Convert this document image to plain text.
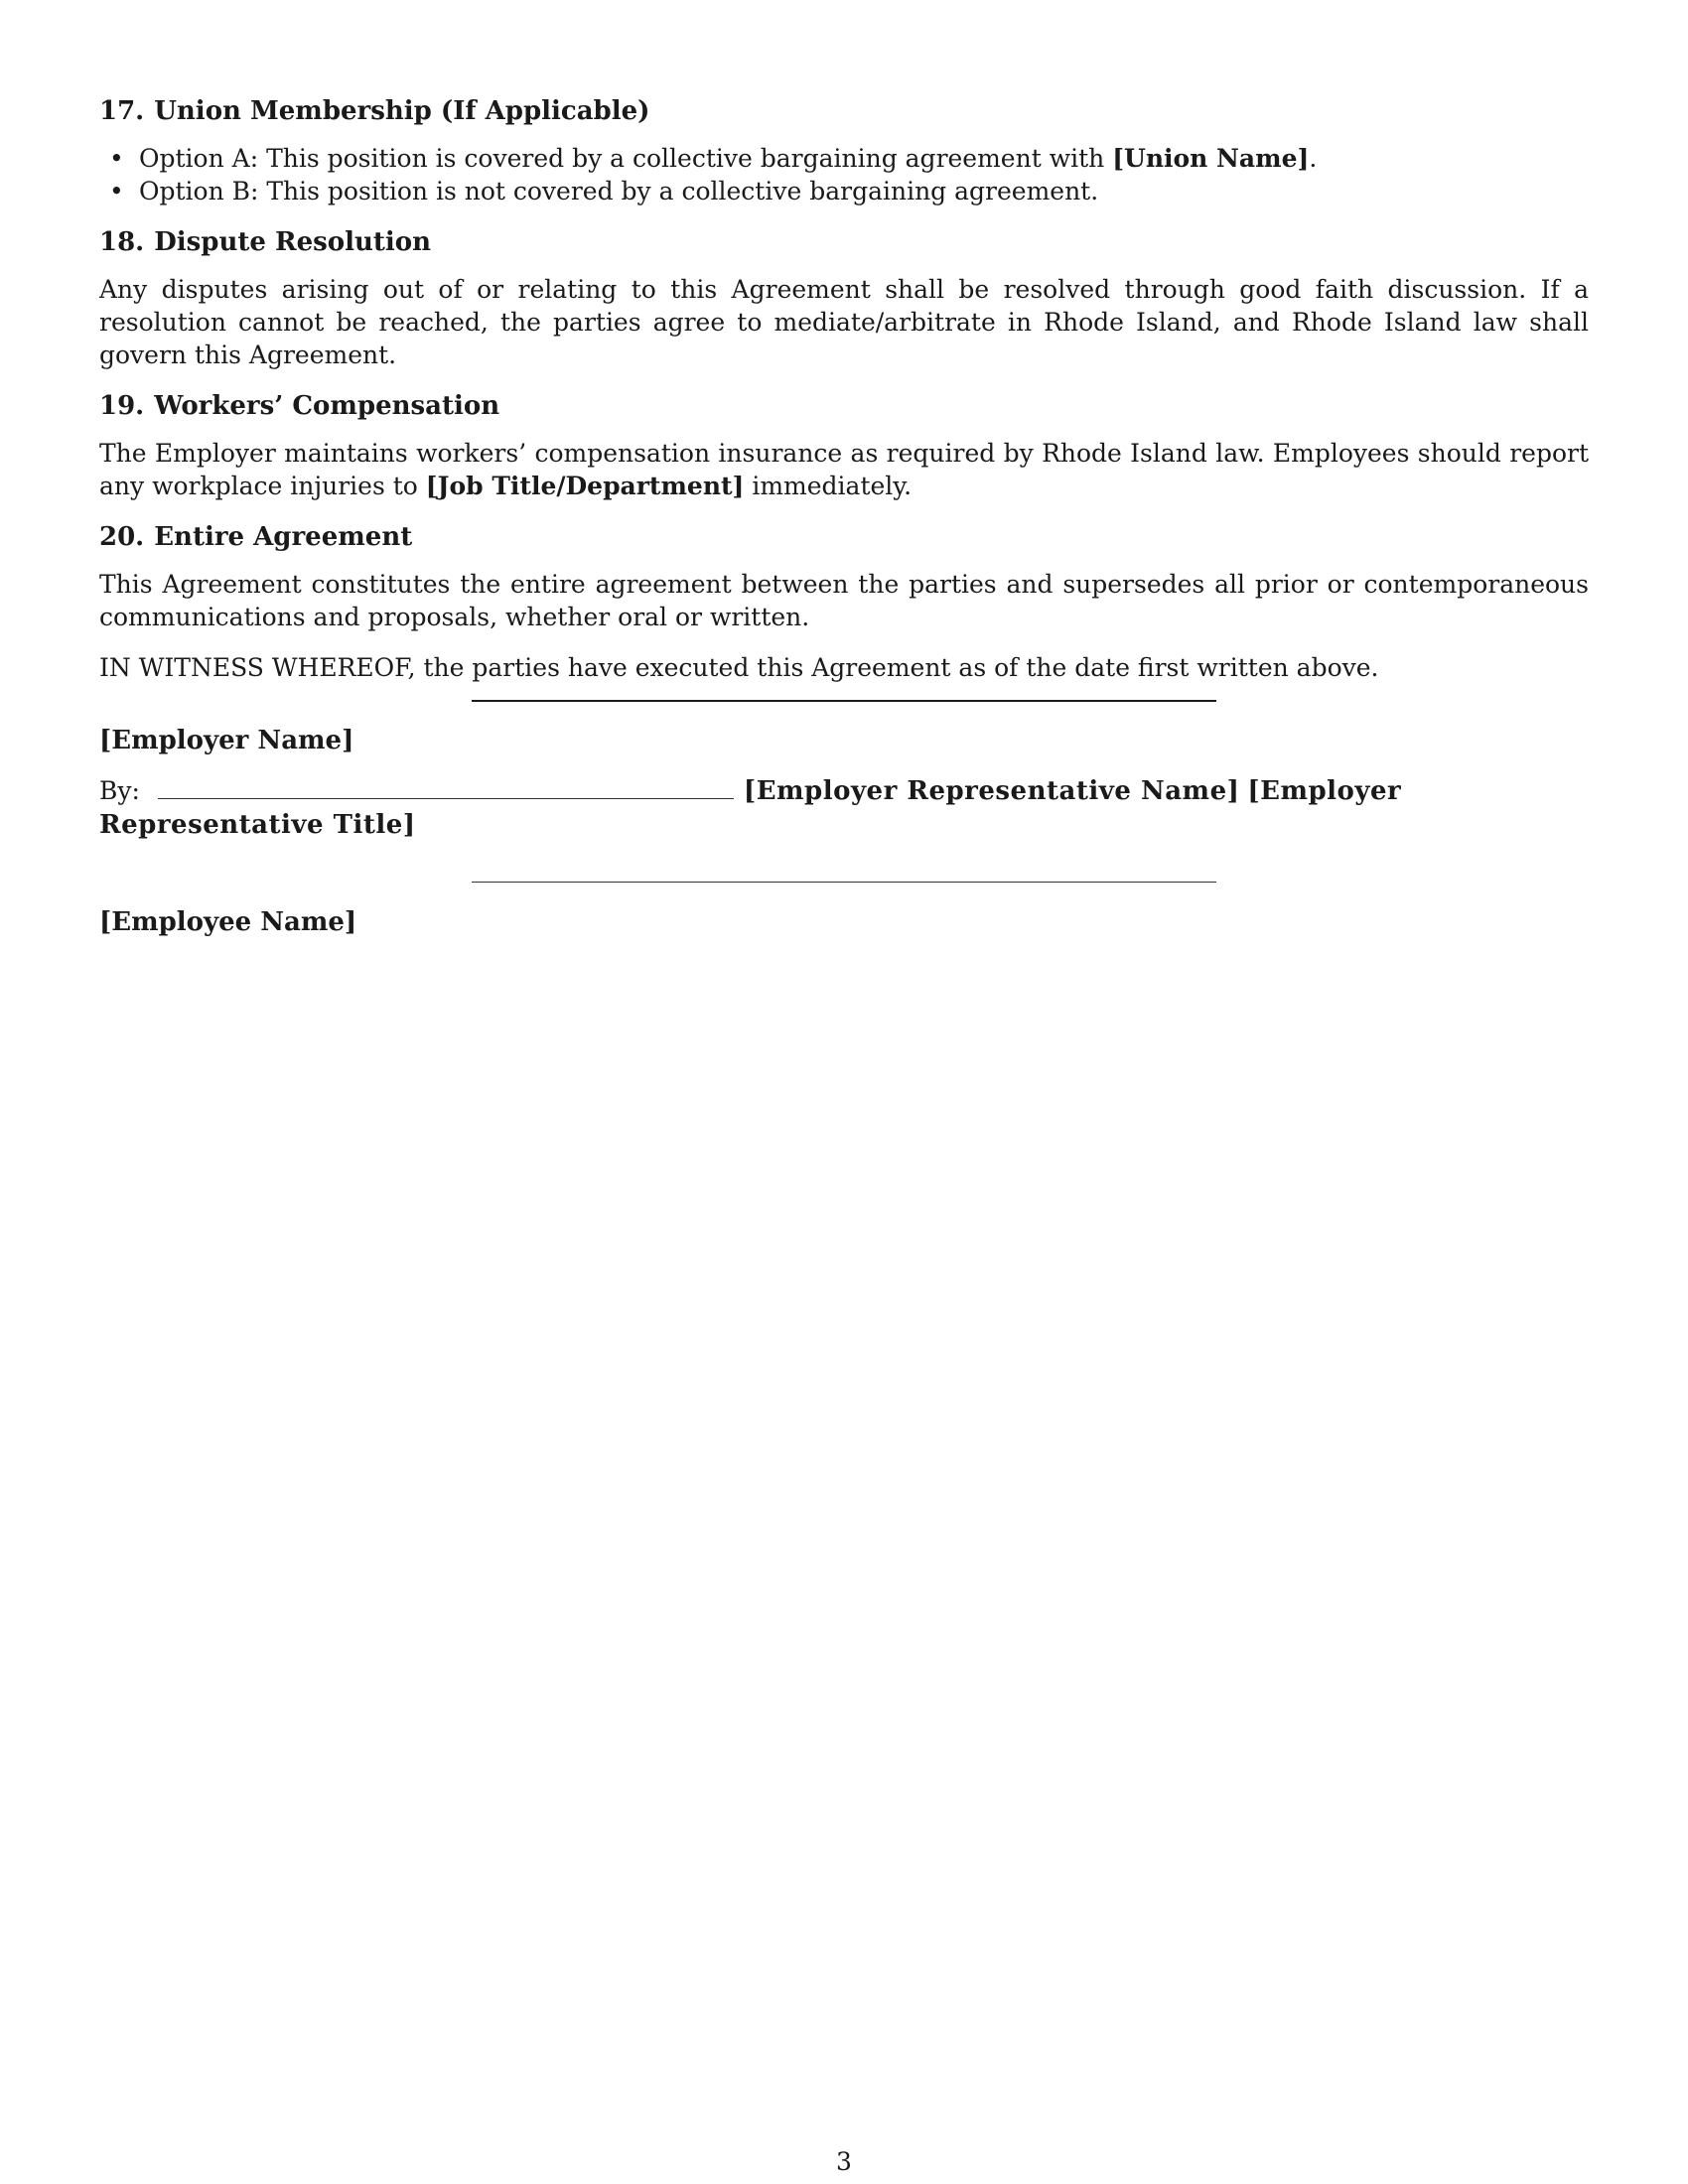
17. Union Membership (If Applicable)
• Option A: This position is covered by a collective bargaining agreement with [Union Name].
• Option B: This position is not covered by a collective bargaining agreement.
18. Dispute Resolution

Any disputes arising out of or relating to this Agreement shall be resolved through good faith discussion. If a resolution cannot be reached, the parties agree to mediate/arbitrate in Rhode Island, and Rhode Island law shall govern this Agreement.

19. Workers’ Compensation

The Employer maintains workers’ compensation insurance as required by Rhode Island law. Employees should report any workplace injuries to [Job Title/Department] immediately.

20. Entire Agreement

This Agreement constitutes the entire agreement between the parties and supersedes all prior or contemporaneous communications and proposals, whether oral or written.

IN WITNESS WHEREOF, the parties have executed this Agreement as of the date first written above.

[Employer Name]
By:	[Employer Representative Name] [Employer Representative Title]
[Employee Name]
3
